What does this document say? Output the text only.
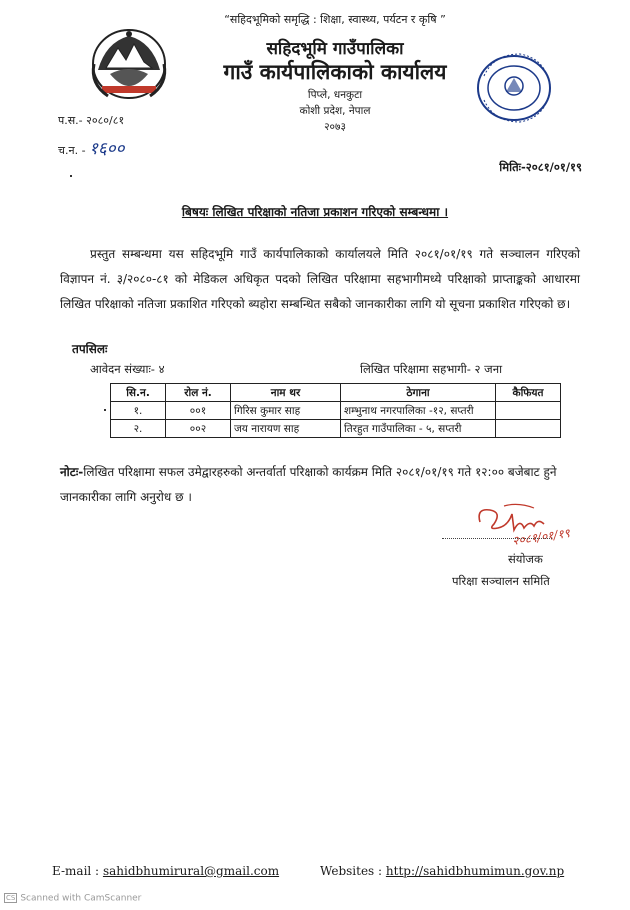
“सहिदभूमिको समृद्धि : शिक्षा, स्वास्थ्य, पर्यटन र कृषि ”
सहिदभूमि गाउँपालिका
गाउँ कार्यपालिकाको कार्यालय
पिप्ले, धनकुटा
कोशी प्रदेश, नेपाल
२०७३
प.स.- २०८०/८१
च.न. - १६००
मितिः-२०८१/०१/१९
बिषयः लिखित परिक्षाको नतिजा प्रकाशन गरिएको सम्बन्धमा ।
प्रस्तुत सम्बन्धमा यस सहिदभूमि गाउँ कार्यपालिकाको कार्यालयले मिति २०८१/०१/१९ गते सञ्चालन गरिएको विज्ञापन नं. ३/२०८०-८१ को मेडिकल अधिकृत पदको लिखित परिक्षामा सहभागीमध्ये परिक्षाको प्राप्ताङ्कको आधारमा लिखित परिक्षाको नतिजा प्रकाशित गरिएको ब्यहोरा सम्बन्धित सबैको जानकारीका लागि यो सूचना प्रकाशित गरिएको छ।
तपसिलः
आवेदन संख्याः- ४	लिखित परिक्षामा सहभागी- २ जना
सि.न.	रोल नं.	नाम थर	ठेगाना	कैफियत
१.	००१	गिरिस कुमार साह	शम्भुनाथ नगरपालिका -१२, सप्तरी	
२.	००२	जय नारायण साह	तिरहुत गाउँपालिका - ५, सप्तरी	
नोटः-लिखित परिक्षामा सफल उमेद्वारहरुको अन्तर्वार्ता परिक्षाको कार्यक्रम मिति २०८१/०१/१९ गते १२:०० बजेबाट हुने जानकारीका लागि अनुरोध छ ।
२०८१/०१/१९
संयोजक
परिक्षा सञ्चालन समिति
E-mail : sahidbhumirural@gmail.com	Websites : http://sahidbhumimun.gov.np
CS Scanned with CamScanner
